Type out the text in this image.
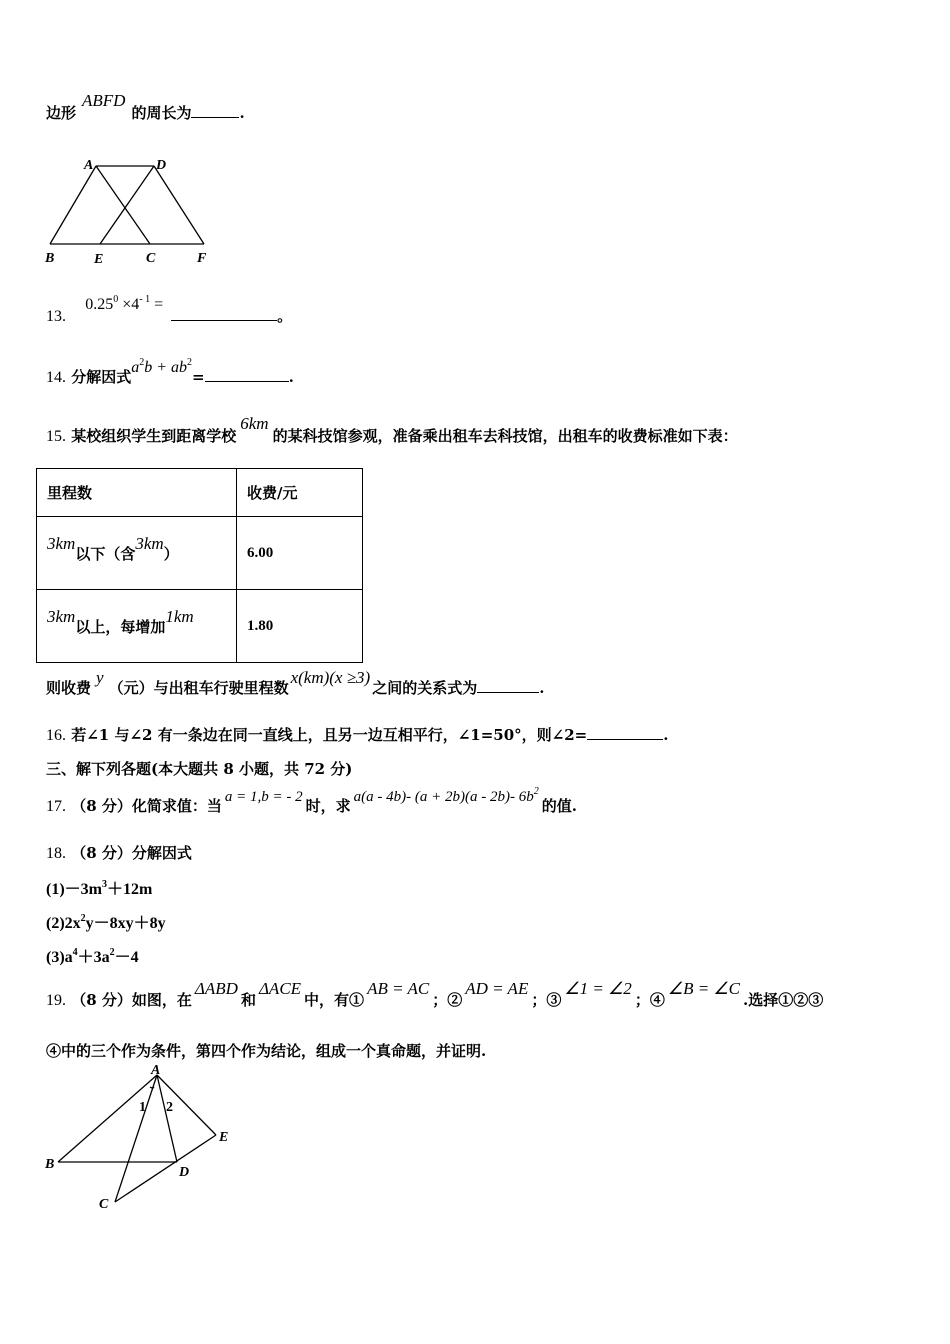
边形ABFD的周长为	.
A	D
B	E	C	F
13. $0.25^0 \times 4^{- 1}$ =。
14. 分解因式$a^2b + ab^2=$	.
15. 某校组织学生到距离学校6km的某科技馆参观，准备乘出租车去科技馆，出租车的收费标准如下表：
里程数	收费/元
3km以下（含3km）	6.00
3km以上，每增加1km	1.80
则收费y（元）与出租车行驶里程数x(km)(x ≥3)之间的关系式为	.
16. 若∠1 与∠2 有一条边在同一直线上，且另一边互相平行，∠1=50°，则∠2=	.
三、解下列各题(本大题共 8 小题，共 72 分)
17. （8 分）化简求值：当 a = 1,b = - 2 时，求 a(a - 4b)- (a + 2b)(a - 2b)- $6b^2$的值.
18. （8 分）分解因式
$(1)-3m^3+12m$
$(2)2x^2y-8xy+8y$
$(3)a^4+3a^2-4$
19. （8 分）如图，在ΔABD和ΔACE中，有①AB = AC；②AD = AE；③∠1 = ∠2；④∠B = ∠C.选择①②③
④中的三个作为条件，第四个作为结论，组成一个真命题，并证明.
A
1 2
E
B
D
C
